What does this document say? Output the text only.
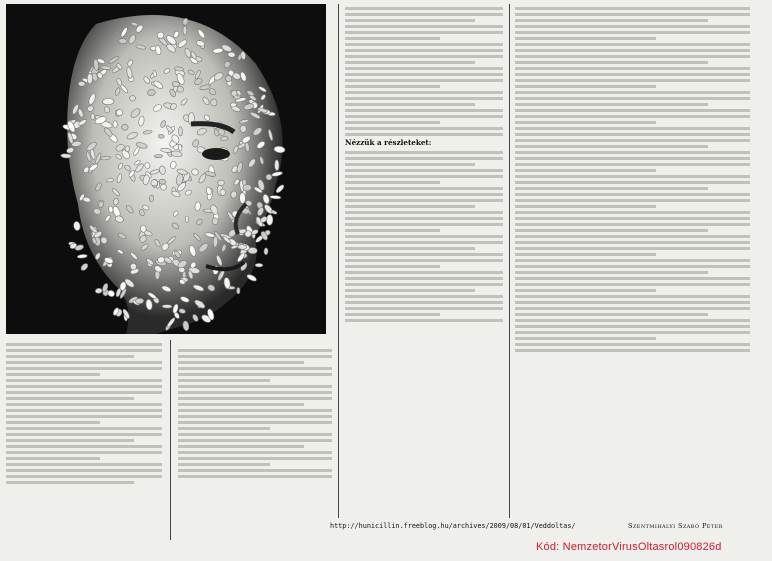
Nézzük a részleteket:
http://hunicillin.freeblog.hu/archives/2009/08/01/Veddoltas/	Szentmihályi Szabó Péter
Kód: NemzetorVirusOltasrol090826d
